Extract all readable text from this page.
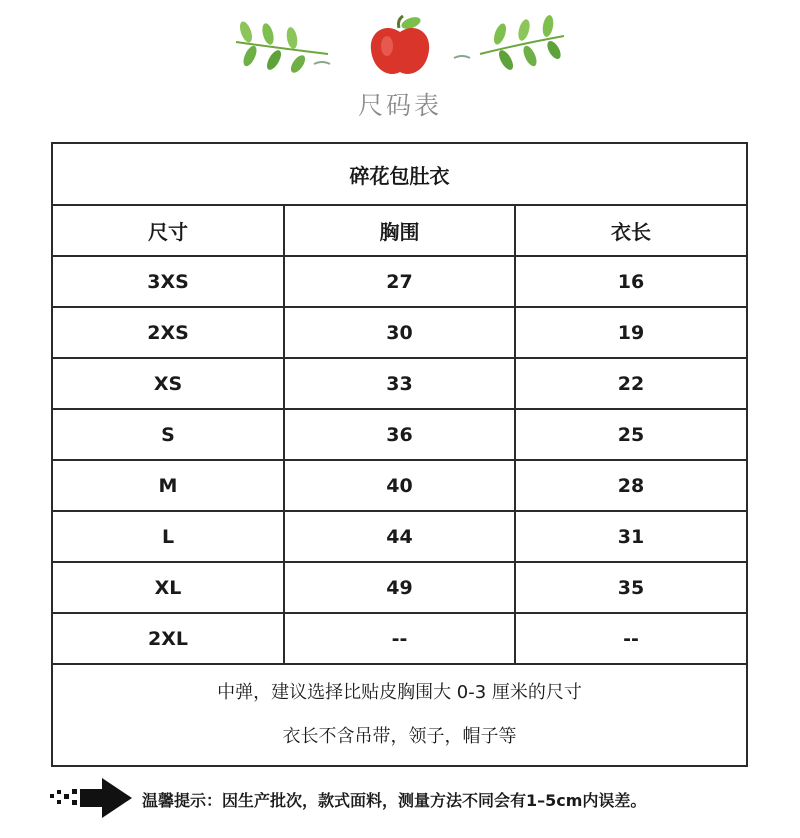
尺码表
碎花包肚衣		
尺寸	胸围	衣长
3XS	27	16
2XS	30	19
XS	33	22
S	36	25
M	40	28
L	44	31
XL	49	35
2XL	--	--

中弹，建议选择比贴皮胸围大 0-3 厘米的尺寸
衣长不含吊带，领子，帽子等		
温馨提示：因生产批次，款式面料，测量方法不同会有1–5cm内误差。
